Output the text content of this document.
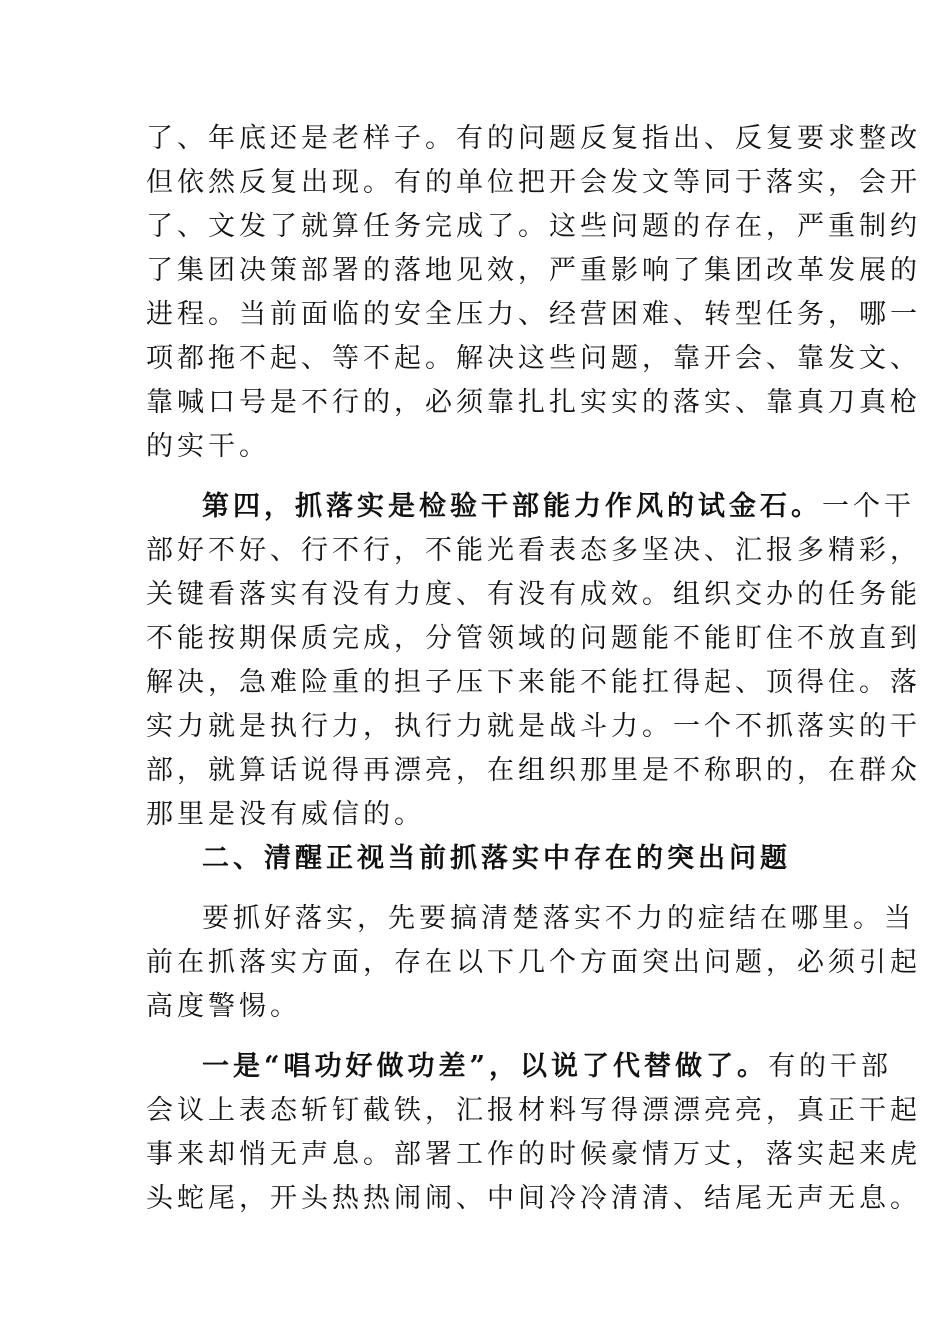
了、年底还是老样子。有的问题反复指出、反复要求整改
但依然反复出现。有的单位把开会发文等同于落实，会开
了、文发了就算任务完成了。这些问题的存在，严重制约
了集团决策部署的落地见效，严重影响了集团改革发展的
进程。当前面临的安全压力、经营困难、转型任务，哪一
项都拖不起、等不起。解决这些问题，靠开会、靠发文、
靠喊口号是不行的，必须靠扎扎实实的落实、靠真刀真枪
的实干。
第四，抓落实是检验干部能力作风的试金石。一个干
部好不好、行不行，不能光看表态多坚决、汇报多精彩，
关键看落实有没有力度、有没有成效。组织交办的任务能
不能按期保质完成，分管领域的问题能不能盯住不放直到
解决，急难险重的担子压下来能不能扛得起、顶得住。落
实力就是执行力，执行力就是战斗力。一个不抓落实的干
部，就算话说得再漂亮，在组织那里是不称职的，在群众
那里是没有威信的。
二、清醒正视当前抓落实中存在的突出问题
要抓好落实，先要搞清楚落实不力的症结在哪里。当
前在抓落实方面，存在以下几个方面突出问题，必须引起
高度警惕。
一是“唱功好做功差”，以说了代替做了。有的干部
会议上表态斩钉截铁，汇报材料写得漂漂亮亮，真正干起
事来却悄无声息。部署工作的时候豪情万丈，落实起来虎
头蛇尾，开头热热闹闹、中间冷冷清清、结尾无声无息。
